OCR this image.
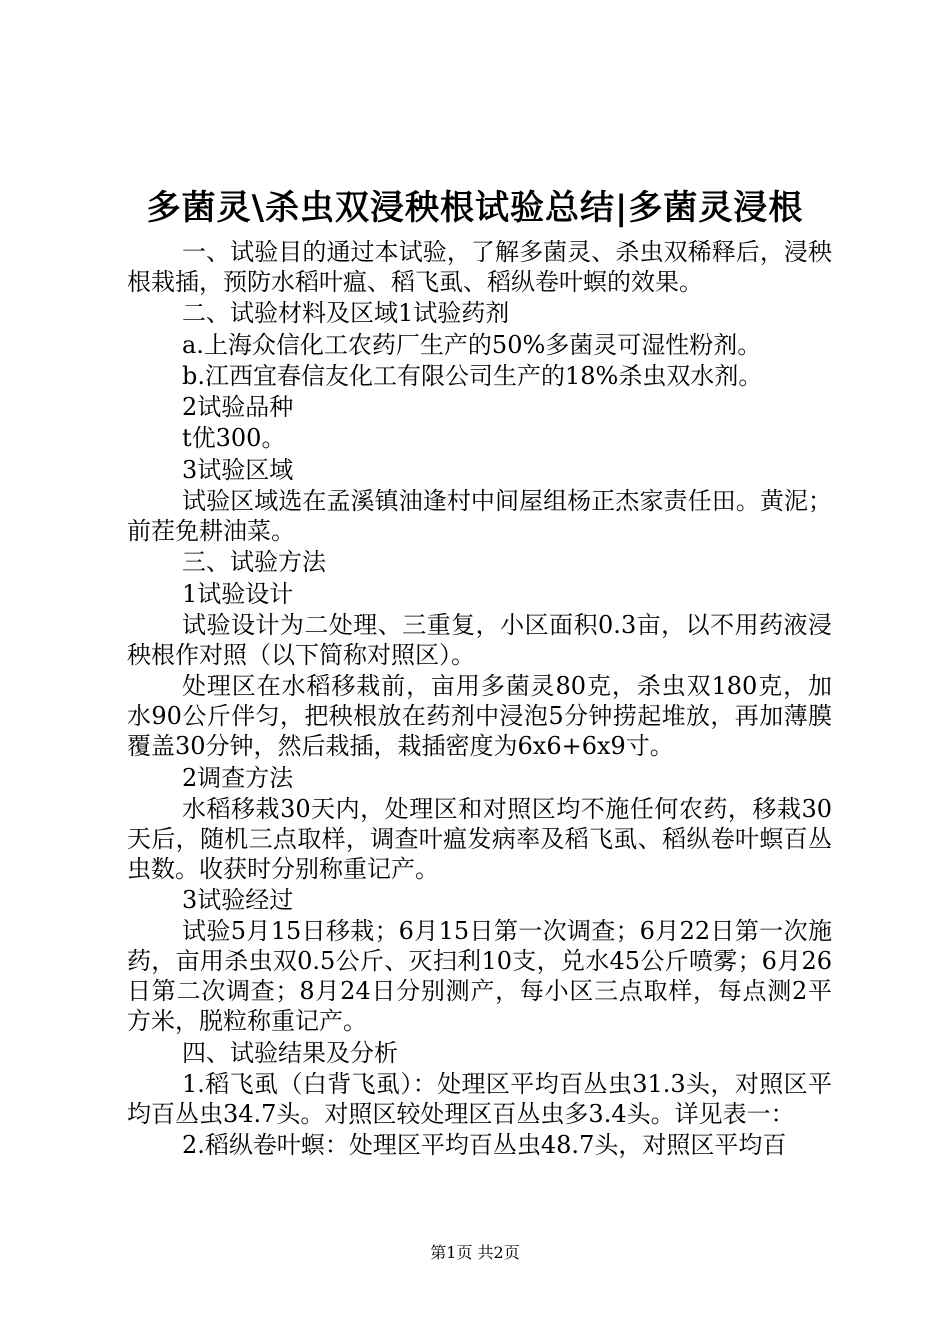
多菌灵\杀虫双浸秧根试验总结|多菌灵浸根

一、试验目的通过本试验，了解多菌灵、杀虫双稀释后，浸秧根栽插，预防水稻叶瘟、稻飞虱、稻纵卷叶螟的效果。

二、试验材料及区域1试验药剂

a.上海众信化工农药厂生产的50%多菌灵可湿性粉剂。

b.江西宜春信友化工有限公司生产的18%杀虫双水剂。

2试验品种

t优300。

3试验区域

试验区域选在孟溪镇油逢村中间屋组杨正杰家责任田。黄泥；前茬免耕油菜。

三、试验方法

1试验设计

试验设计为二处理、三重复，小区面积0.3亩，以不用药液浸秧根作对照（以下简称对照区）。

处理区在水稻移栽前，亩用多菌灵80克，杀虫双180克，加水90公斤伴匀，把秧根放在药剂中浸泡5分钟捞起堆放，再加薄膜覆盖30分钟，然后栽插，栽插密度为6x6+6x9寸。

2调查方法

水稻移栽30天内，处理区和对照区均不施任何农药，移栽30天后，随机三点取样，调查叶瘟发病率及稻飞虱、稻纵卷叶螟百丛虫数。收获时分别称重记产。

3试验经过

试验5月15日移栽；6月15日第一次调查；6月22日第一次施药，亩用杀虫双0.5公斤、灭扫利10支，兑水45公斤喷雾；6月26日第二次调查；8月24日分别测产，每小区三点取样，每点测2平方米，脱粒称重记产。

四、试验结果及分析

1.稻飞虱（白背飞虱）：处理区平均百丛虫31.3头，对照区平均百丛虫34.7头。对照区较处理区百丛虫多3.4头。详见表一：

2.稻纵卷叶螟：处理区平均百丛虫48.7头，对照区平均百

第1页 共2页
